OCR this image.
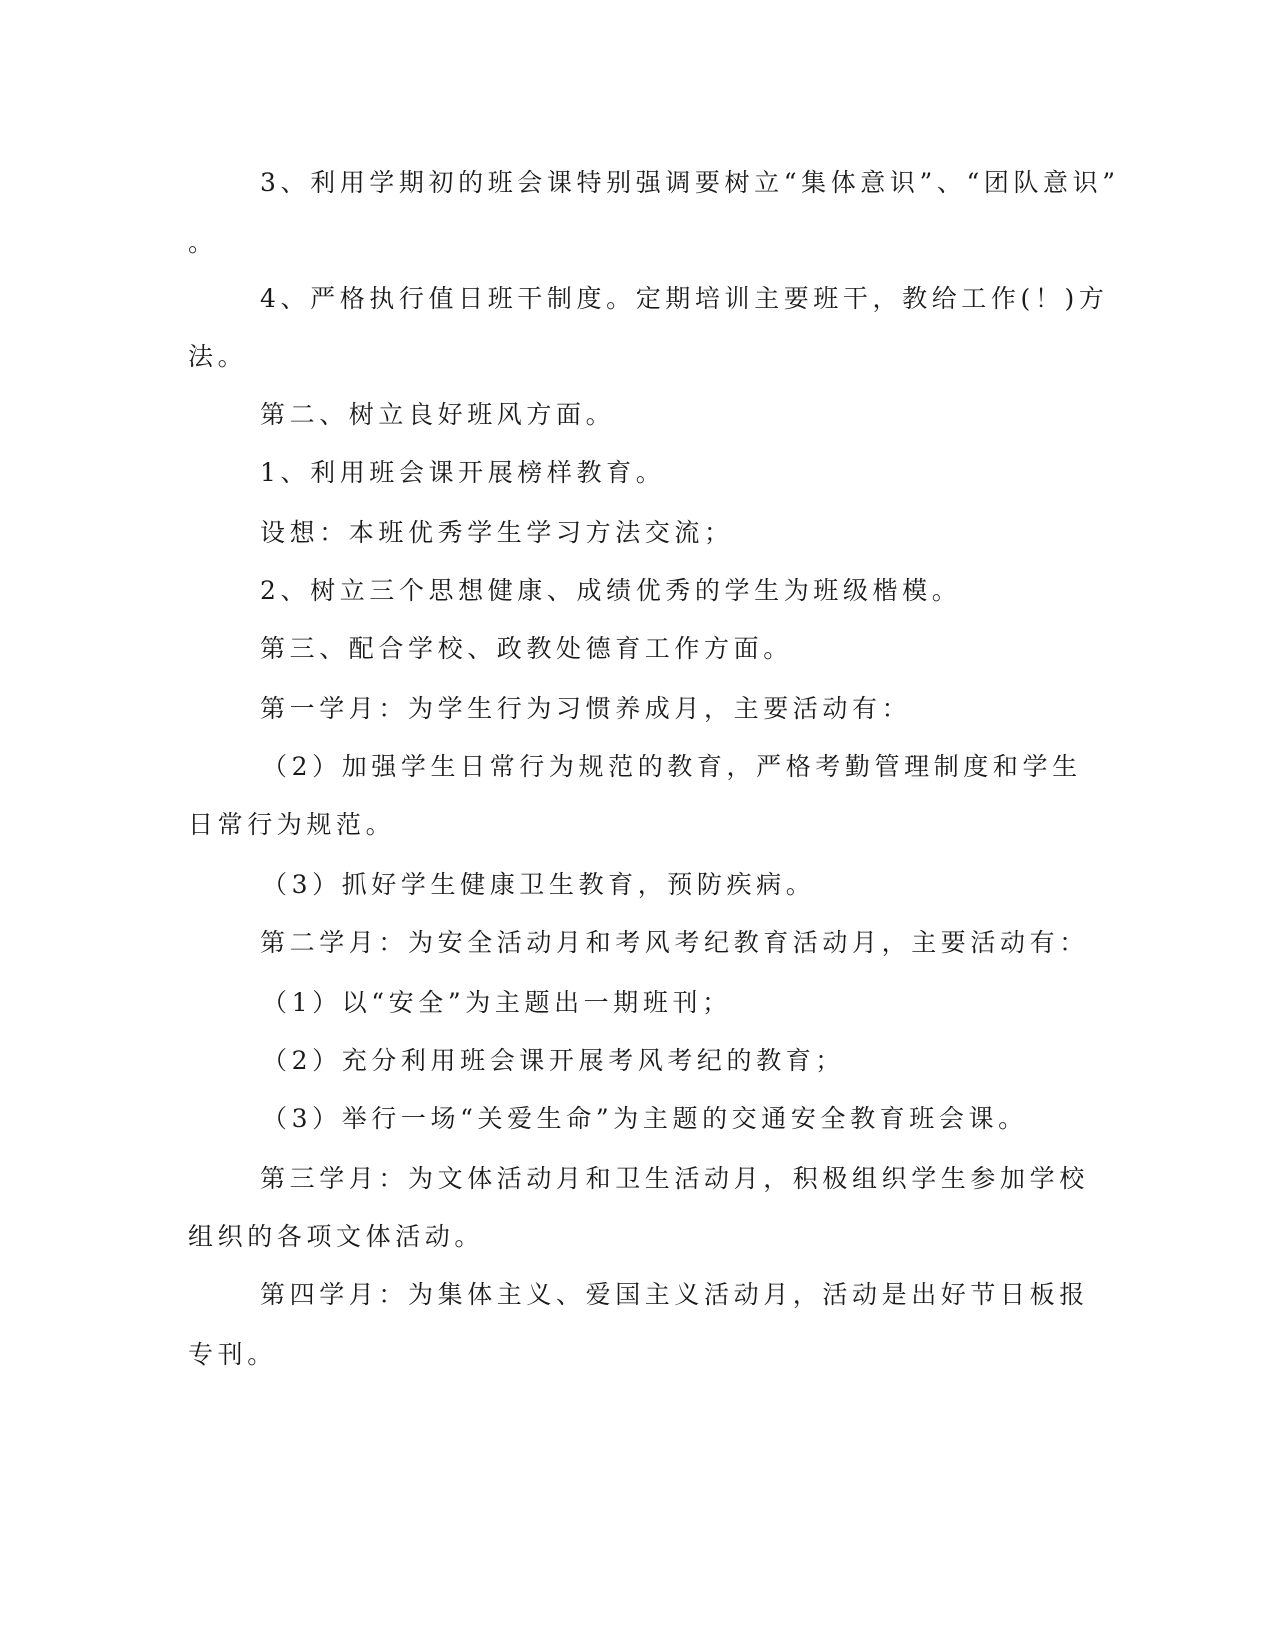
3、利用学期初的班会课特别强调要树立“集体意识”、“团队意识”
。
4、严格执行值日班干制度。定期培训主要班干，教给工作(！)方
法。
第二、树立良好班风方面。
1、利用班会课开展榜样教育。
设想：本班优秀学生学习方法交流；
2、树立三个思想健康、成绩优秀的学生为班级楷模。
第三、配合学校、政教处德育工作方面。
第一学月：为学生行为习惯养成月，主要活动有：
（2）加强学生日常行为规范的教育，严格考勤管理制度和学生
日常行为规范。
（3）抓好学生健康卫生教育，预防疾病。
第二学月：为安全活动月和考风考纪教育活动月，主要活动有：
（1）以“安全”为主题出一期班刊；
（2）充分利用班会课开展考风考纪的教育；
（3）举行一场“关爱生命”为主题的交通安全教育班会课。
第三学月：为文体活动月和卫生活动月，积极组织学生参加学校
组织的各项文体活动。
第四学月：为集体主义、爱国主义活动月，活动是出好节日板报
专刊。
